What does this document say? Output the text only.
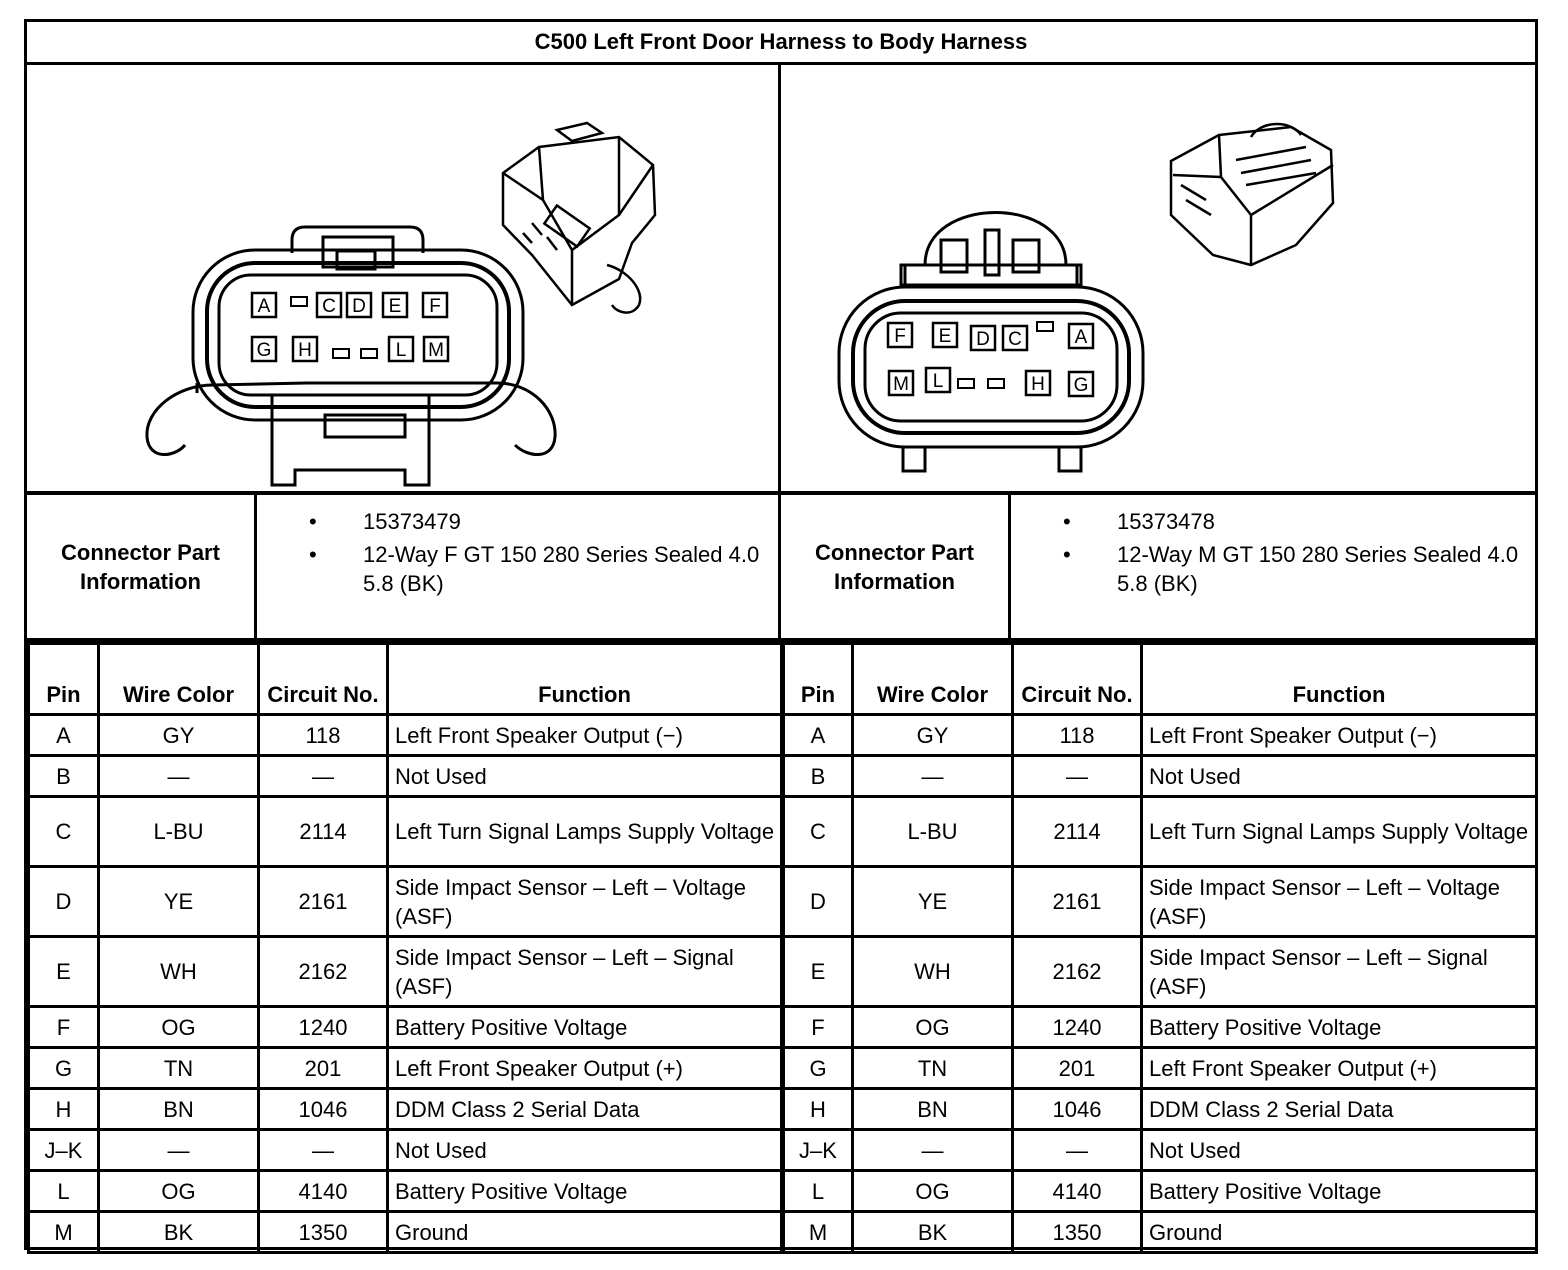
C500 Left Front Door Harness to Body Harness
A	C D E F
G H	L M
F E D C	A
M L	H G
Connector Part Information
•
15373479
•
12-Way F GT 150 280 Series Sealed 4.0 5.8 (BK)
Connector Part Information
•
15373478
•
12-Way M GT 150 280 Series Sealed 4.0 5.8 (BK)
Pin	Wire Color	Circuit No.	Function	Pin	Wire Color	Circuit No.	Function
A	GY	118	Left Front Speaker Output (−)	A	GY	118	Left Front Speaker Output (−)
B	—	—	Not Used	B	—	—	Not Used
C	L-BU	2114	Left Turn Signal Lamps Supply Voltage	C	L-BU	2114	Left Turn Signal Lamps Supply Voltage
D	YE	2161	Side Impact Sensor – Left – Voltage (ASF)	D	YE	2161	Side Impact Sensor – Left – Voltage (ASF)
E	WH	2162	Side Impact Sensor – Left – Signal (ASF)	E	WH	2162	Side Impact Sensor – Left – Signal (ASF)
F	OG	1240	Battery Positive Voltage	F	OG	1240	Battery Positive Voltage
G	TN	201	Left Front Speaker Output (+)	G	TN	201	Left Front Speaker Output (+)
H	BN	1046	DDM Class 2 Serial Data	H	BN	1046	DDM Class 2 Serial Data
J–K	—	—	Not Used	J–K	—	—	Not Used
L	OG	4140	Battery Positive Voltage	L	OG	4140	Battery Positive Voltage
M	BK	1350	Ground	M	BK	1350	Ground
